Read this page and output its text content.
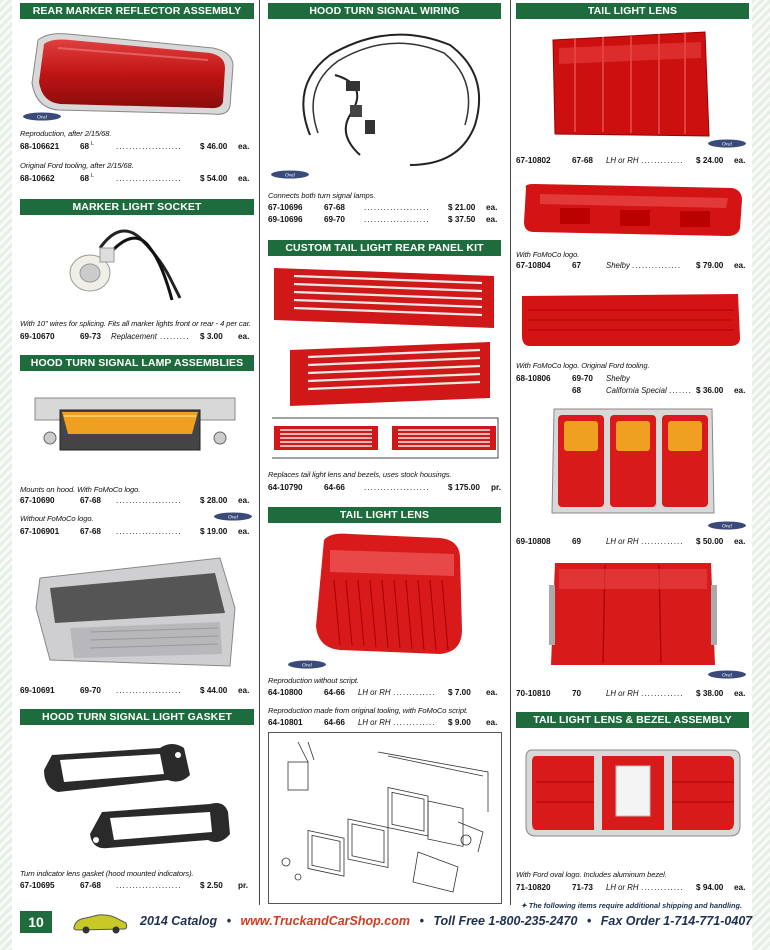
REAR MARKER REFLECTOR ASSEMBLY
Oval
Reproduction, after 2/15/68.
68-106621	68 L	.................... $ 46.00 ea.
Original Ford tooling, after 2/15/68.
68-10662	68 L	.................... $ 54.00 ea.
MARKER LIGHT SOCKET
With 10" wires for splicing. Fits all marker lights front or rear - 4 per car.
69-10670	69-73 Replacement ......... $ 3.00 ea.
HOOD TURN SIGNAL LAMP ASSEMBLIES
Mounts on hood. With FoMoCo logo.
67-10690	67-68 .................... $ 28.00 ea.
Oval
Without FoMoCo logo.
67-106901	67-68 .................... $ 19.00 ea.
69-10691	69-70 .................... $ 44.00 ea.
HOOD TURN SIGNAL LIGHT GASKET
Turn indicator lens gasket (hood mounted indicators).
67-10695	67-68 .................... $ 2.50 pr.
HOOD TURN SIGNAL WIRING
Oval
Connects both turn signal lamps.
67-10696	67-68 .................... $ 21.00 ea.
69-10696	69-70 .................... $ 37.50 ea.
CUSTOM TAIL LIGHT REAR PANEL KIT
Replaces tail light lens and bezels, uses stock housings.
64-10790	64-66 .................... $ 175.00 pr.
TAIL LIGHT LENS
Oval
Reproduction without script.
64-10800	64-66 LH or RH ............. $ 7.00 ea.
Reproduction made from original tooling, with FoMoCo script.
64-10801	64-66 LH or RH ............. $ 9.00 ea.
TAIL LIGHT LENS
Oval
67-10802	67-68 LH or RH ............. $ 24.00 ea.
With FoMoCo logo.
67-10804	67	Shelby ............... $ 79.00 ea.
With FoMoCo logo. Original Ford tooling.
68-10806	69-70 Shelby
68	California Special ....... $ 36.00 ea.
Oval
69-10808	69	LH or RH ............. $ 50.00 ea.
Oval
70-10810	70	LH or RH ............. $ 38.00 ea.
TAIL LIGHT LENS & BEZEL ASSEMBLY
With Ford oval logo. Includes aluminum bezel.
71-10820	71-73 LH or RH ............. $ 94.00 ea.
✦ The following items require additional shipping and handling.
10	2014 Catalog • www.TruckandCarShop.com • Toll Free 1-800-235-2470 • Fax Order 1-714-771-0407
